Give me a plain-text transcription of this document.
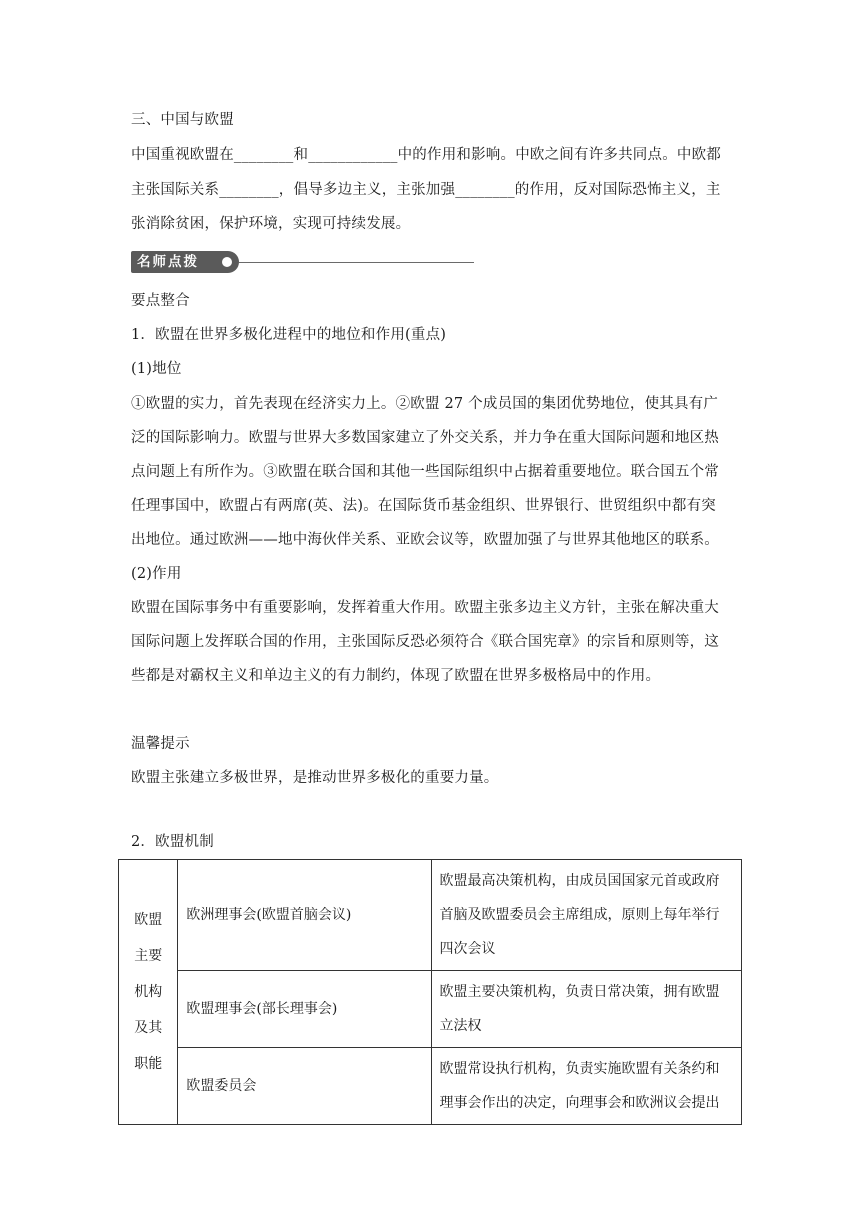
三、中国与欧盟
中国重视欧盟在________和____________中的作用和影响。中欧之间有许多共同点。中欧都
主张国际关系________，倡导多边主义，主张加强________的作用，反对国际恐怖主义，主
张消除贫困，保护环境，实现可持续发展。
名师点拨
要点整合
1．欧盟在世界多极化进程中的地位和作用(重点)
(1)地位
①欧盟的实力，首先表现在经济实力上。②欧盟 27 个成员国的集团优势地位，使其具有广
泛的国际影响力。欧盟与世界大多数国家建立了外交关系，并力争在重大国际问题和地区热
点问题上有所作为。③欧盟在联合国和其他一些国际组织中占据着重要地位。联合国五个常
任理事国中，欧盟占有两席(英、法)。在国际货币基金组织、世界银行、世贸组织中都有突
出地位。通过欧洲——地中海伙伴关系、亚欧会议等，欧盟加强了与世界其他地区的联系。
(2)作用
欧盟在国际事务中有重要影响，发挥着重大作用。欧盟主张多边主义方针，主张在解决重大
国际问题上发挥联合国的作用，主张国际反恐必须符合《联合国宪章》的宗旨和原则等，这
些都是对霸权主义和单边主义的有力制约，体现了欧盟在世界多极格局中的作用。
温馨提示
欧盟主张建立多极世界，是推动世界多极化的重要力量。
2．欧盟机制
欧盟
主要
机构
及其
职能	欧洲理事会(欧盟首脑会议)	欧盟最高决策机构，由成员国国家元首或政府
首脑及欧盟委员会主席组成，原则上每年举行
四次会议

	欧盟理事会(部长理事会)	欧盟主要决策机构，负责日常决策，拥有欧盟
立法权

	欧盟委员会	欧盟常设执行机构，负责实施欧盟有关条约和
理事会作出的决定，向理事会和欧洲议会提出
